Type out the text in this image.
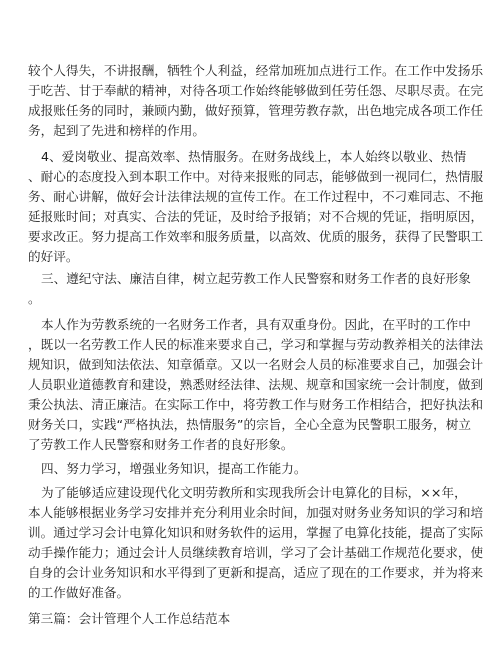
较个人得失，不讲报酬，牺牲个人利益，经常加班加点进行工作。在工作中发扬乐
于吃苦、甘于奉献的精神，对待各项工作始终能够做到任劳任怨、尽职尽责。在完
成报账任务的同时，兼顾内勤，做好预算，管理劳教存款，出色地完成各项工作任
务，起到了先进和榜样的作用。
4、爱岗敬业、提高效率、热情服务。在财务战线上，本人始终以敬业、热情
、耐心的态度投入到本职工作中。对待来报账的同志，能够做到一视同仁，热情服
务、耐心讲解，做好会计法律法规的宣传工作。在工作过程中，不刁难同志、不拖
延报账时间；对真实、合法的凭证，及时给予报销；对不合规的凭证，指明原因，
要求改正。努力提高工作效率和服务质量，以高效、优质的服务，获得了民警职工
的好评。
三、遵纪守法、廉洁自律，树立起劳教工作人民警察和财务工作者的良好形象
。
本人作为劳教系统的一名财务工作者，具有双重身份。因此，在平时的工作中
，既以一名劳教工作人民的标准来要求自己，学习和掌握与劳动教养相关的法律法
规知识，做到知法依法、知章循章。又以一名财会人员的标准要求自己，加强会计
人员职业道德教育和建设，熟悉财经法律、法规、规章和国家统一会计制度，做到
秉公执法、清正廉洁。在实际工作中，将劳教工作与财务工作相结合，把好执法和
财务关口，实践“严格执法，热情服务”的宗旨，全心全意为民警职工服务，树立
了劳教工作人民警察和财务工作者的良好形象。
四、努力学习，增强业务知识，提高工作能力。
为了能够适应建设现代化文明劳教所和实现我所会计电算化的目标，××年，
本人能够根据业务学习安排并充分利用业余时间，加强对财务业务知识的学习和培
训。通过学习会计电算化知识和财务软件的运用，掌握了电算化技能，提高了实际
动手操作能力；通过会计人员继续教育培训，学习了会计基础工作规范化要求，使
自身的会计业务知识和水平得到了更新和提高，适应了现在的工作要求，并为将来
的工作做好准备。
第三篇：会计管理个人工作总结范本
